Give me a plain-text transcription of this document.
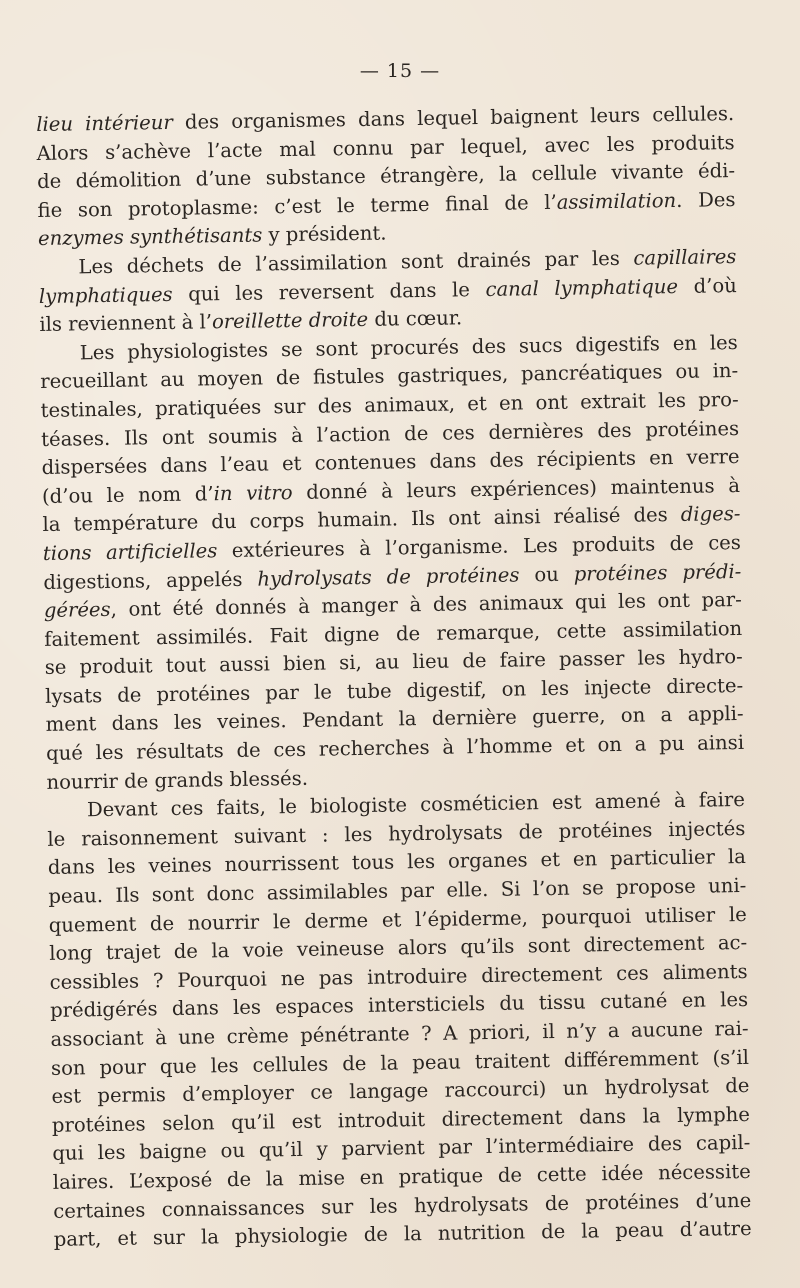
— 15 —
lieu intérieur des organismes dans lequel baignent leurs cellules.
Alors s’achève l’acte mal connu par lequel, avec les produits
de démolition d’une substance étrangère, la cellule vivante édi-
fie son protoplasme: c’est le terme final de l’assimilation. Des
enzymes synthétisants y président.
Les déchets de l’assimilation sont drainés par les capillaires
lymphatiques qui les reversent dans le canal lymphatique d’où
ils reviennent à l’oreillette droite du cœur.
Les physiologistes se sont procurés des sucs digestifs en les
recueillant au moyen de fistules gastriques, pancréatiques ou in-
testinales, pratiquées sur des animaux, et en ont extrait les pro-
téases. Ils ont soumis à l’action de ces dernières des protéines
dispersées dans l’eau et contenues dans des récipients en verre
(d’ou le nom d’in vitro donné à leurs expériences) maintenus à
la température du corps humain. Ils ont ainsi réalisé des diges-
tions artificielles extérieures à l’organisme. Les produits de ces
digestions, appelés hydrolysats de protéines ou protéines prédi-
gérées, ont été donnés à manger à des animaux qui les ont par-
faitement assimilés. Fait digne de remarque, cette assimilation
se produit tout aussi bien si, au lieu de faire passer les hydro-
lysats de protéines par le tube digestif, on les injecte directe-
ment dans les veines. Pendant la dernière guerre, on a appli-
qué les résultats de ces recherches à l’homme et on a pu ainsi
nourrir de grands blessés.
Devant ces faits, le biologiste cosméticien est amené à faire
le raisonnement suivant : les hydrolysats de protéines injectés
dans les veines nourrissent tous les organes et en particulier la
peau. Ils sont donc assimilables par elle. Si l’on se propose uni-
quement de nourrir le derme et l’épiderme, pourquoi utiliser le
long trajet de la voie veineuse alors qu’ils sont directement ac-
cessibles ? Pourquoi ne pas introduire directement ces aliments
prédigérés dans les espaces intersticiels du tissu cutané en les
associant à une crème pénétrante ? A priori, il n’y a aucune rai-
son pour que les cellules de la peau traitent différemment (s’il
est permis d’employer ce langage raccourci) un hydrolysat de
protéines selon qu’il est introduit directement dans la lymphe
qui les baigne ou qu’il y parvient par l’intermédiaire des capil-
laires. L’exposé de la mise en pratique de cette idée nécessite
certaines connaissances sur les hydrolysats de protéines d’une
part, et sur la physiologie de la nutrition de la peau d’autre
